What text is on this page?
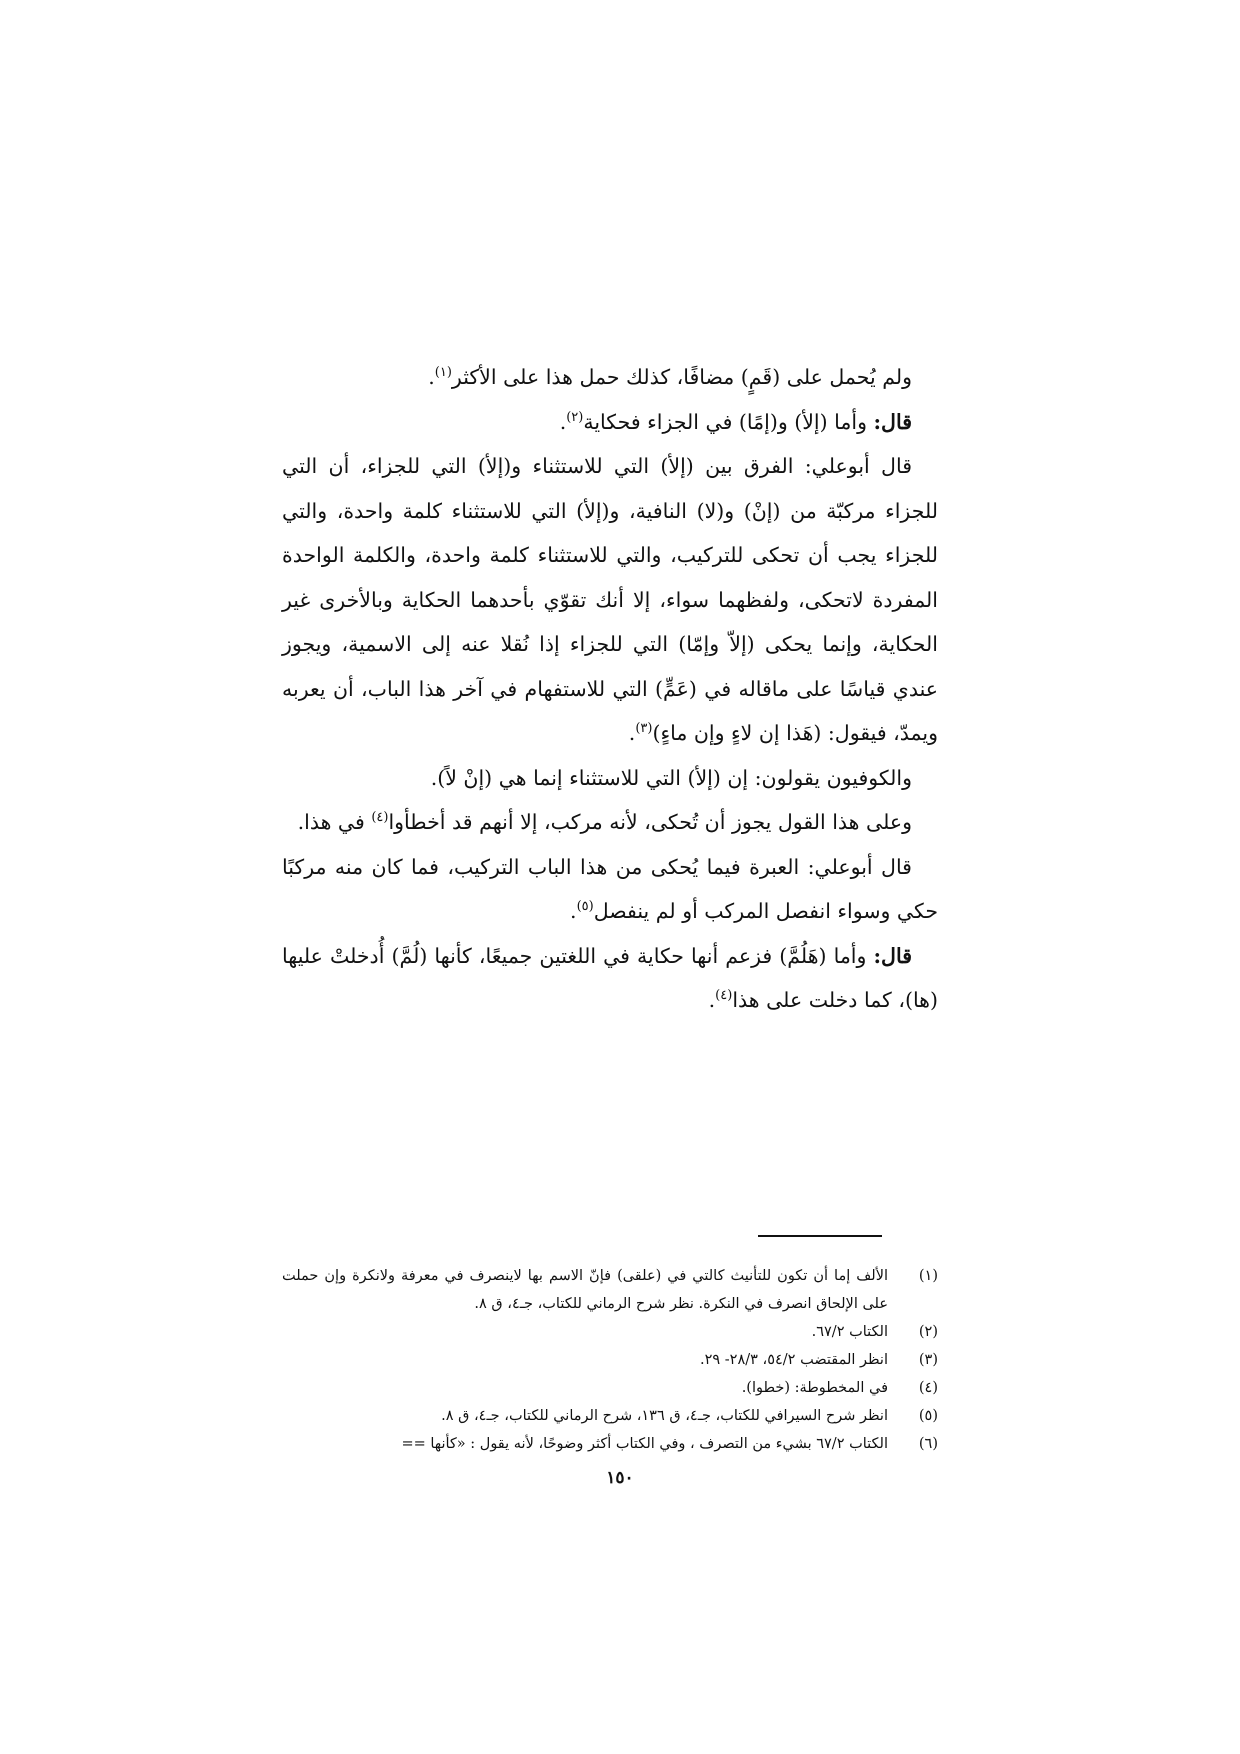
ولم يُحمل على (قَمٍ) مضافًا، كذلك حمل هذا على الأكثر$^{(١)}$.

قال: وأما (إلأ) و(إمًا) في الجزاء فحكاية$^{(٢)}$.

قال أبوعلي: الفرق بين (إلأ) التي للاستثناء و(إلأ) التي للجزاء، أن التي للجزاء مركبّة من (إنْ) و(لا) النافية، و(إلأ) التي للاستثناء كلمة واحدة، والتي للجزاء يجب أن تحكى للتركيب، والتي للاستثناء كلمة واحدة، والكلمة الواحدة المفردة لاتحكى، ولفظهما سواء، إلا أنك تقوّي بأحدهما الحكاية وبالأخرى غير الحكاية، وإنما يحكى (إلاّ وإمّا) التي للجزاء إذا نُقلا عنه إلى الاسمية، ويجوز عندي قياسًا على ماقاله في (عَمٍّ) التي للاستفهام في آخر هذا الباب، أن يعربه ويمدّ، فيقول: (هَذا إن لاءٍ وإن ماءٍ)$^{(٣)}$.

والكوفيون يقولون: إن (إلأ) التي للاستثناء إنما هي (إنْ لاً).

وعلى هذا القول يجوز أن تُحكى، لأنه مركب، إلا أنهم قد أخطأوا$^{(٤)}$ في هذا.

قال أبوعلي: العبرة فيما يُحكى من هذا الباب التركيب، فما كان منه مركبًا حكي وسواء انفصل المركب أو لم ينفصل$^{(٥)}$.

قال: وأما (هَلُمَّ) فزعم أنها حكاية في اللغتين جميعًا، كأنها (لُمَّ) أُدخلتْ عليها (ها)، كما دخلت على هذا$^{(٤)}$.

(١)
الألف إما أن تكون للتأنيث كالتي في (علقى) فإنّ الاسم بها لاينصرف في معرفة ولانكرة وإن حملت على الإلحاق انصرف في النكرة. نظر شرح الرماني للكتاب، جـ٤، ق ٨.
(٢)
الكتاب ٦٧/٢.
(٣)
انظر المقتضب ٥٤/٢، ٢٨/٣- ٢٩.
(٤)
في المخطوطة: (خطوا).
(٥)
انظر شرح السيرافي للكتاب، جـ٤، ق ١٣٦، شرح الرماني للكتاب، جـ٤، ق ٨.
(٦)
الكتاب ٦٧/٢ بشيء من التصرف ، وفي الكتاب أكثر وضوحًا، لأنه يقول : «كأنها ==
١٥٠
